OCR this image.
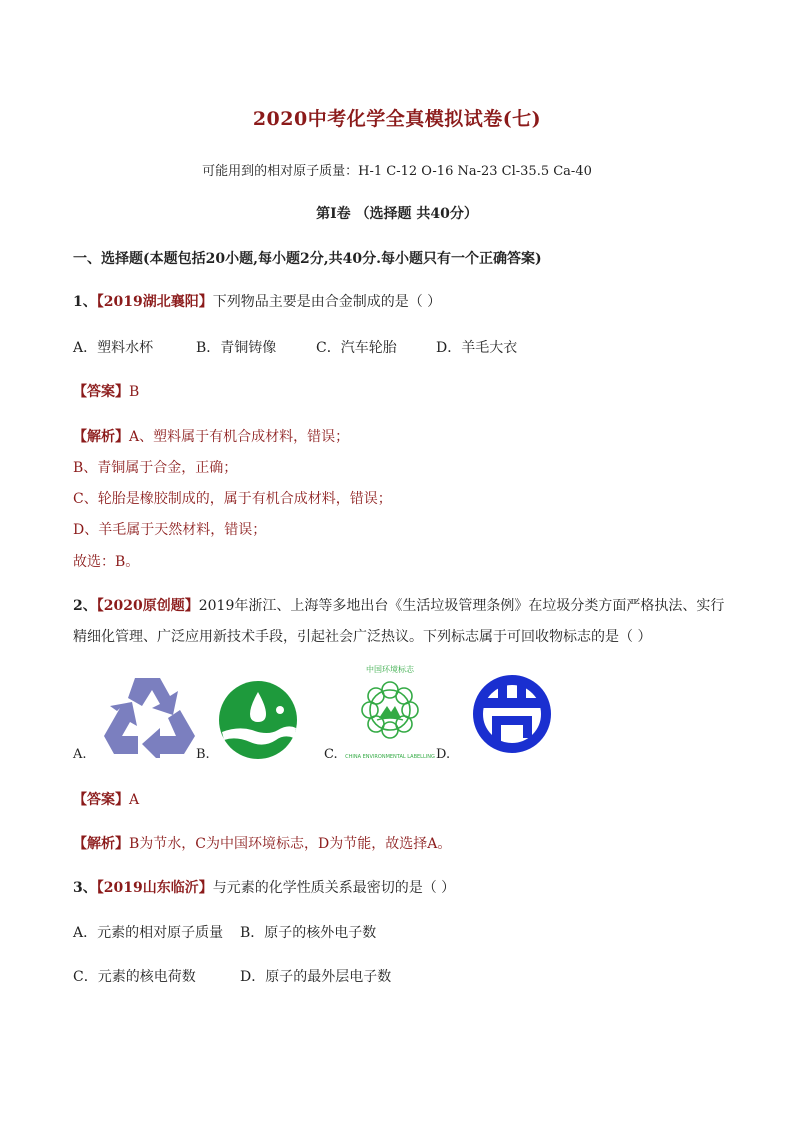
2020中考化学全真模拟试卷(七)
可能用到的相对原子质量：H-1 C-12 O-16 Na-23 Cl-35.5 Ca-40
第Ⅰ卷 （选择题 共40分）
一、选择题(本题包括20小题,每小题2分,共40分.每小题只有一个正确答案)
1、【2019湖北襄阳】下列物品主要是由合金制成的是（ ）
A．塑料水杯	B．青铜铸像	C．汽车轮胎	D．羊毛大衣
【答案】B
【解析】A、塑料属于有机合成材料，错误；
B、青铜属于合金，正确；
C、轮胎是橡胶制成的，属于有机合成材料，错误；
D、羊毛属于天然材料，错误；
故选：B。
2、【2020原创题】2019年浙江、上海等多地出台《生活垃圾管理条例》在垃圾分类方面严格执法、实行
精细化管理、广泛应用新技术手段，引起社会广泛热议。下列标志属于可回收物标志的是（ ）
A.	B.
中国环境标志
CHINA ENVIRONMENTAL LABELLING
C.	D.
【答案】A
【解析】B为节水，C为中国环境标志，D为节能，故选择A。
3、【2019山东临沂】与元素的化学性质关系最密切的是（ ）
A．元素的相对原子质量 B．原子的核外电子数
C．元素的核电荷数	D．原子的最外层电子数
